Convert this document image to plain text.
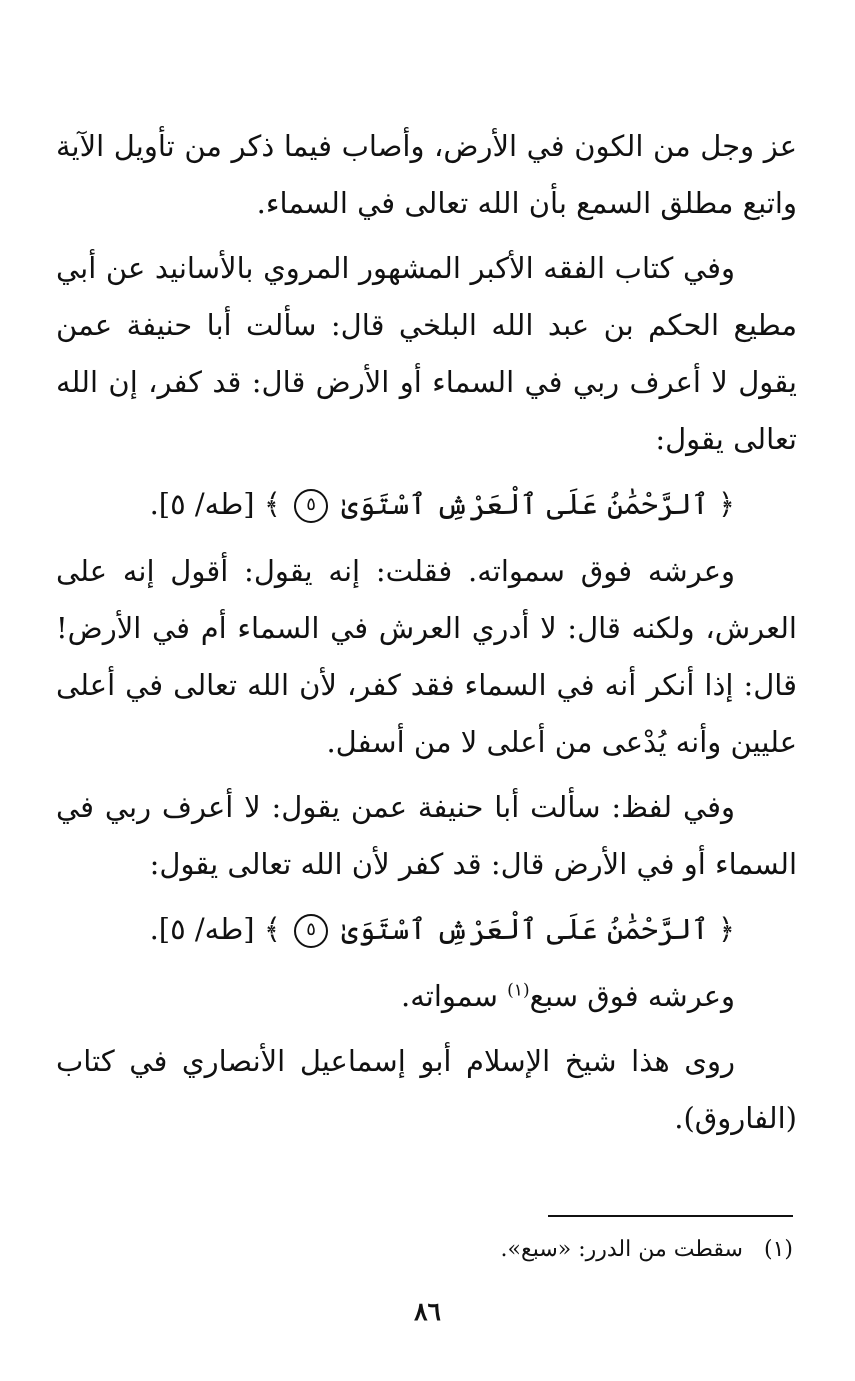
عز وجل من الكون في الأرض، وأصاب فيما ذكر من تأويل الآية واتبع مطلق السمع بأن الله تعالى في السماء.

وفي كتاب الفقه الأكبر المشهور المروي بالأسانيد عن أبي مطيع الحكم بن عبد الله البلخي قال: سألت أبا حنيفة عمن يقول لا أعرف ربي في السماء أو الأرض قال: قد كفر، إن الله تعالى يقول:

﴿ ٱلرَّحْمَٰنُ عَلَى ٱلْعَرْشِ ٱسْتَوَىٰ ٥ ﴾ [طه/ ٥].

وعرشه فوق سمواته. فقلت: إنه يقول: أقول إنه على العرش، ولكنه قال: لا أدري العرش في السماء أم في الأرض! قال: إذا أنكر أنه في السماء فقد كفر، لأن الله تعالى في أعلى عليين وأنه يُدْعى من أعلى لا من أسفل.

وفي لفظ: سألت أبا حنيفة عمن يقول: لا أعرف ربي في السماء أو في الأرض قال: قد كفر لأن الله تعالى يقول:

﴿ ٱلرَّحْمَٰنُ عَلَى ٱلْعَرْشِ ٱسْتَوَىٰ ٥ ﴾ [طه/ ٥].

وعرشه فوق سبع$^{(١)}$ سمواته.

روى هذا شيخ الإسلام أبو إسماعيل الأنصاري في كتاب (الفاروق).

(١) سقطت من الدرر: «سبع».
٨٦
